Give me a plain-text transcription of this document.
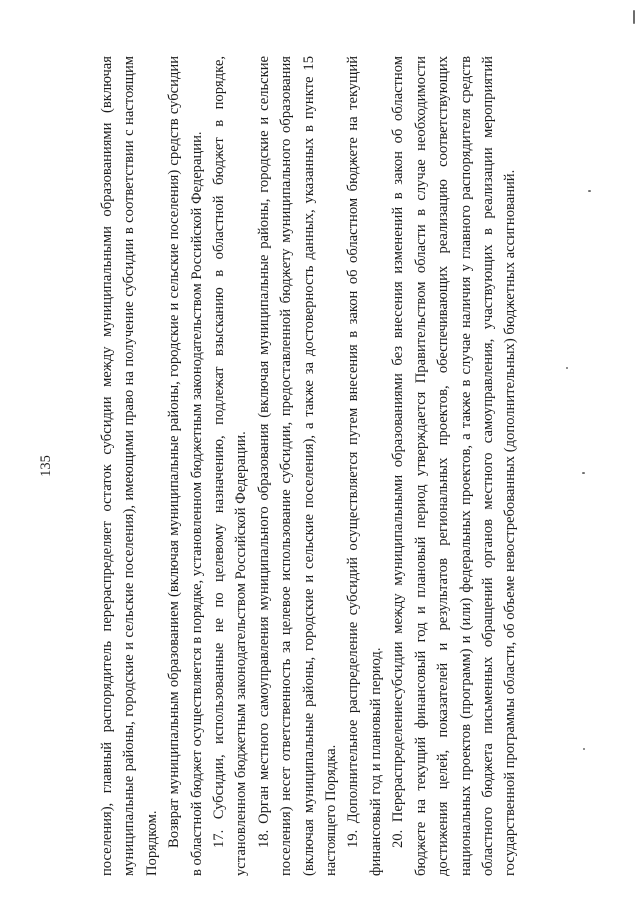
поселения), главный распорядитель перераспределяет остаток субсидии между муниципальными образованиями (включая муниципальные районы, городские и сельские поселения), имеющими право на получение субсидии в соответствии с настоящим Порядком. Возврат муниципальным образованием (включая муниципальные районы, городские и сельские поселения) средств субсидии в областной бюджет осуществляется в порядке, установленном бюджетным законодательством Российской Федерации. 17. Субсидии, использованные не по целевому назначению, подлежат взысканию в областной бюджет в порядке, установленном бюджетным законодательством Российской Федерации. 18. Орган местного самоуправления муниципального образования (включая муниципальные районы, городские и сельские поселения) несет ответственность за целевое использование субсидии, предоставленной бюджету муниципального образования (включая муниципальные районы, городские и сельские поселения), а также за достоверность данных, указанных в пункте 15 настоящего Порядка. 19. Дополнительное распределение субсидий осуществляется путем внесения в закон об областном бюджете на текущий финансовый год и плановый период. 20. Перераспределениесубсидии между муниципальными образованиями без внесения изменений в закон об областном бюджете на текущий финансовый год и плановый период утверждается Правительством области в случае необходимости достижения целей, показателей и результатов региональных проектов, обеспечивающих реализацию соответствующих национальных проектов (программ) и (или) федеральных проектов, а также в случае наличия у главного распорядителя средств областного бюджета письменных обращений органов местного самоуправления, участвующих в реализации мероприятий государственной программы области, об объеме невостребованных (дополнительных) бюджетных ассигнований.

135
